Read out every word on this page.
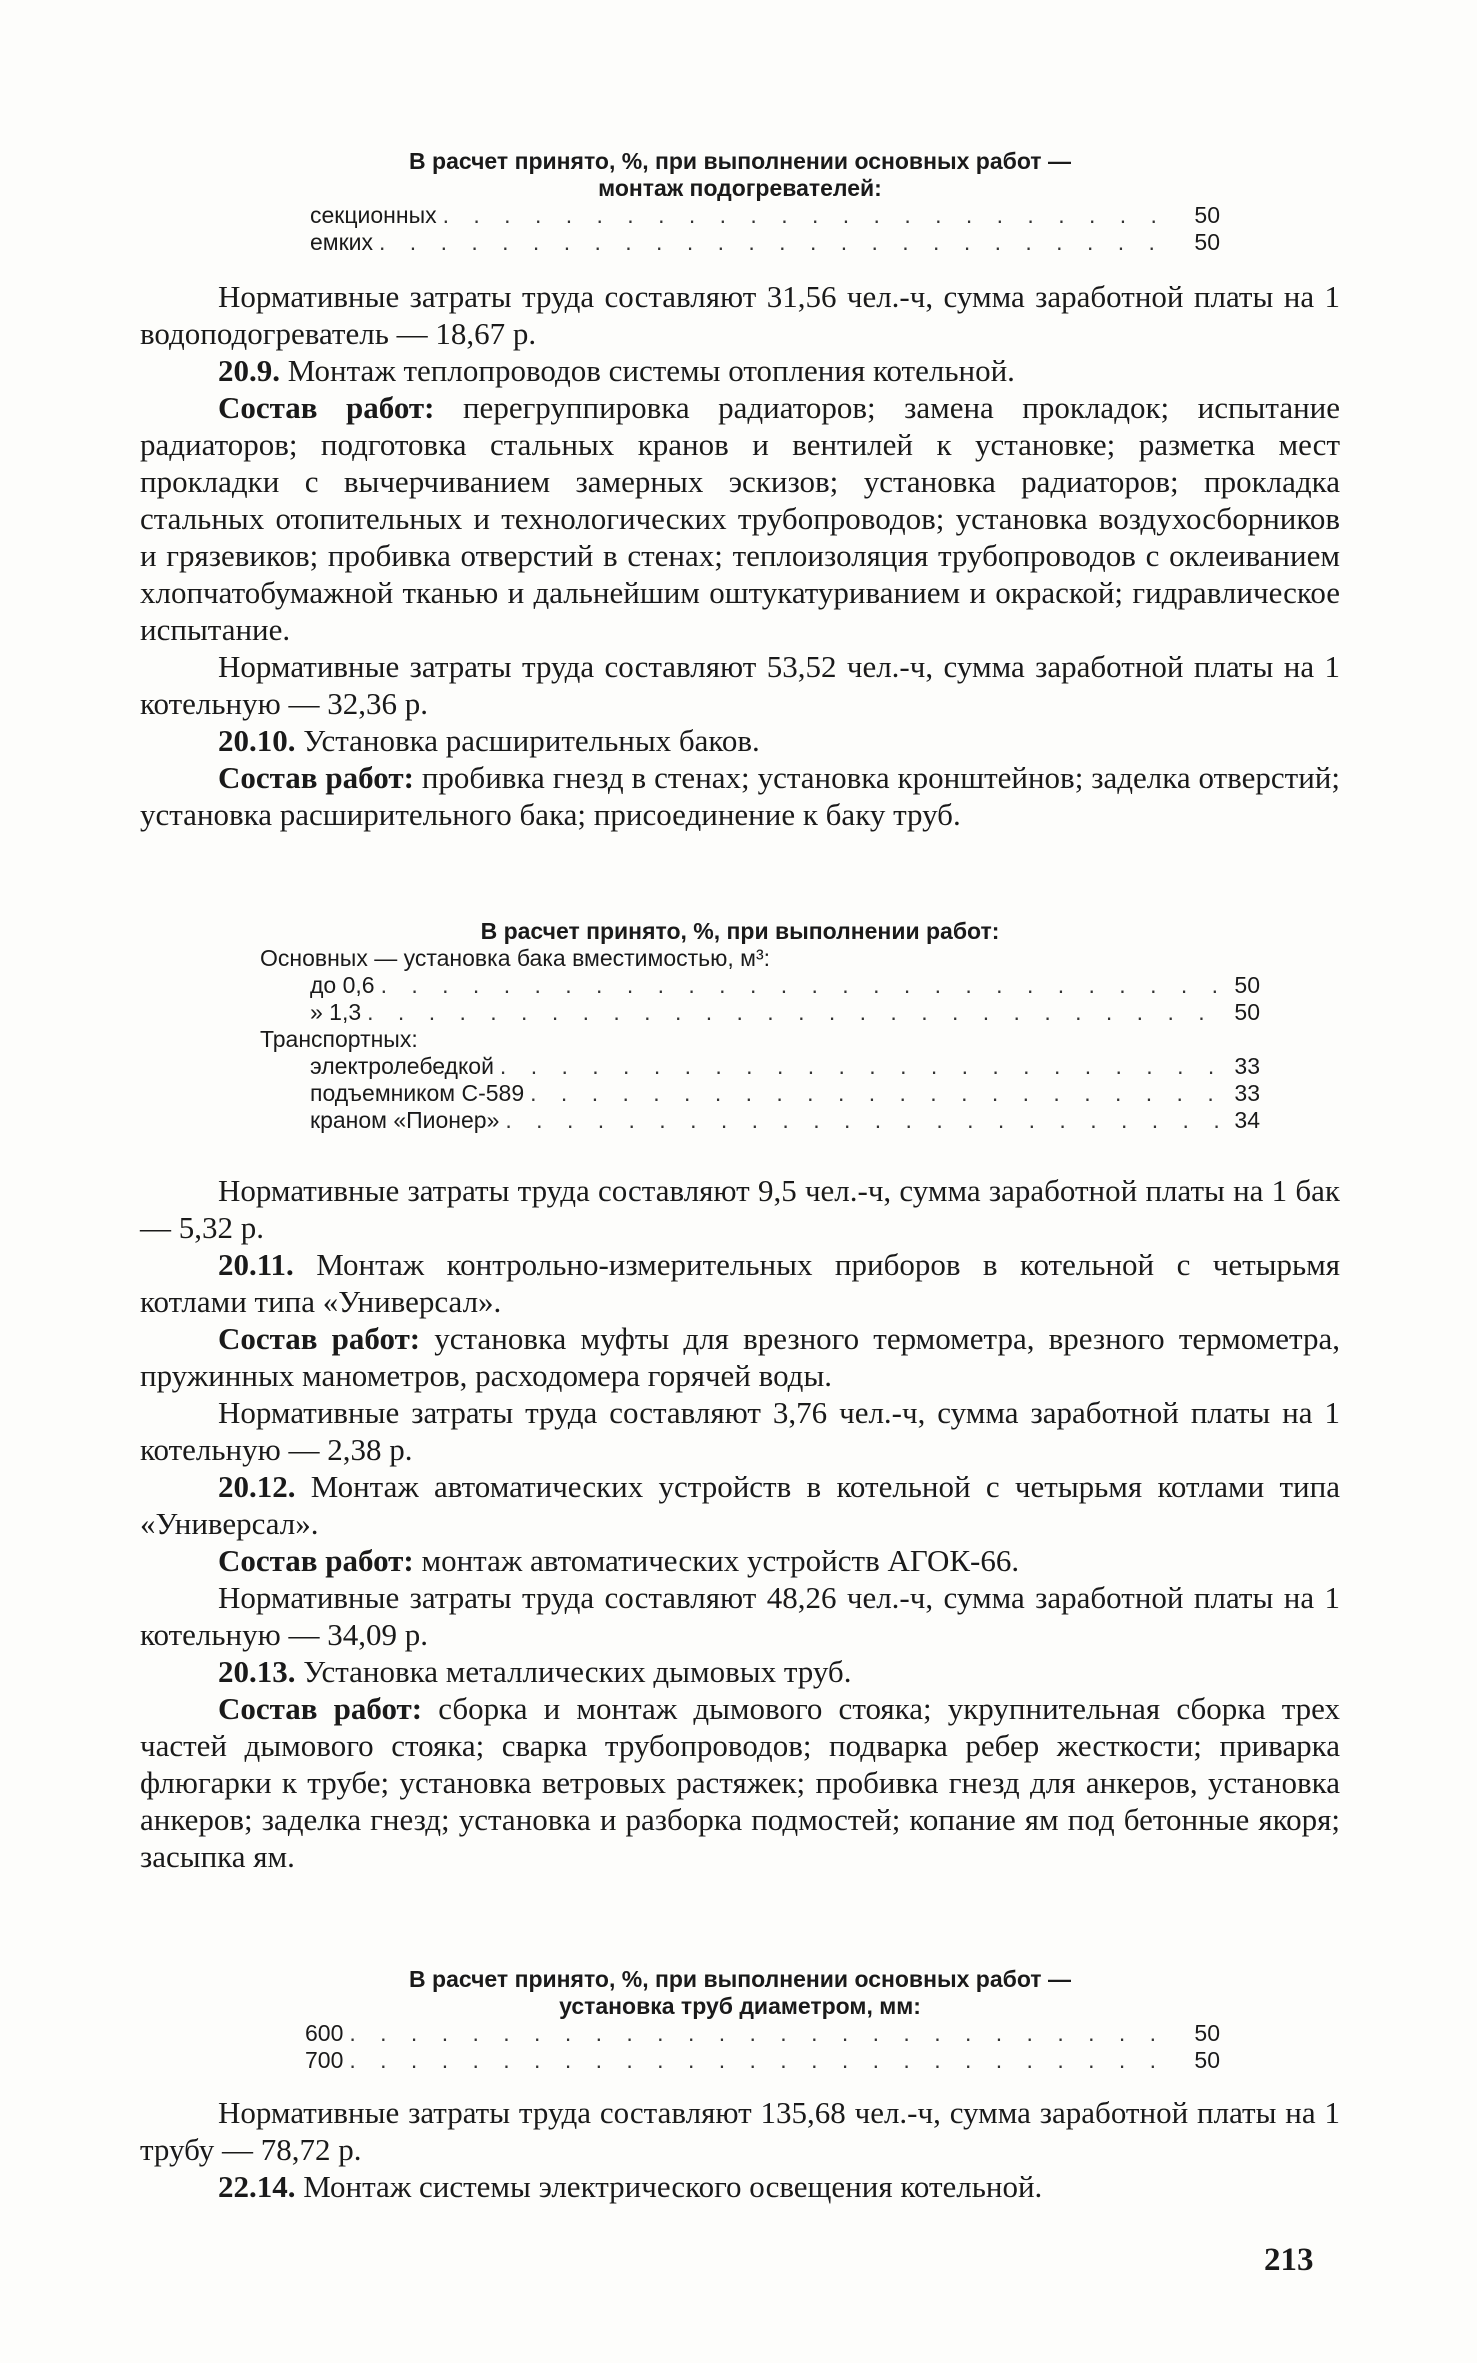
В расчет принято, %, при выполнении основных работ —

монтаж подогревателей:

секционных . . .	50
емких . . .	50

Нормативные затраты труда составляют 31,56 чел.-ч, сумма заработной платы на 1 водоподогреватель — 18,67 р.

20.9. Монтаж теплопроводов системы отопления котельной.

Состав работ: перегруппировка радиаторов; замена прокладок; испытание радиаторов; подготовка стальных кранов и вентилей к установке; разметка мест прокладки с вычерчиванием замерных эскизов; установка радиаторов; прокладка стальных отопительных и технологических трубопроводов; установка воздухосборников и грязевиков; пробивка отверстий в стенах; теплоизоляция трубопроводов с оклеиванием хлопчатобумажной тканью и дальнейшим оштукатуриванием и окраской; гидравлическое испытание.

Нормативные затраты труда составляют 53,52 чел.-ч, сумма заработной платы на 1 котельную — 32,36 р.

20.10. Установка расширительных баков.

Состав работ: пробивка гнезд в стенах; установка кронштейнов; заделка отверстий; установка расширительного бака; присоединение к баку труб.

В расчет принято, %, при выполнении работ:

Основных — установка бака вместимостью, м³:

до 0,6 . . .	50
» 1,3 . . .	50

Транспортных:

электролебедкой . . .	33
подъемником С-589 . . .	33
краном «Пионер» . . .	34

Нормативные затраты труда составляют 9,5 чел.-ч, сумма заработной платы на 1 бак — 5,32 р.

20.11. Монтаж контрольно-измерительных приборов в котельной с четырьмя котлами типа «Универсал».

Состав работ: установка муфты для врезного термометра, врезного термометра, пружинных манометров, расходомера горячей воды.

Нормативные затраты труда составляют 3,76 чел.-ч, сумма заработной платы на 1 котельную — 2,38 р.

20.12. Монтаж автоматических устройств в котельной с четырьмя котлами типа «Универсал».

Состав работ: монтаж автоматических устройств АГОК-66.

Нормативные затраты труда составляют 48,26 чел.-ч, сумма заработной платы на 1 котельную — 34,09 р.

20.13. Установка металлических дымовых труб.

Состав работ: сборка и монтаж дымового стояка; укрупнительная сборка трех частей дымового стояка; сварка трубопроводов; подварка ребер жесткости; приварка флюгарки к трубе; установка ветровых растяжек; пробивка гнезд для анкеров, установка анкеров; заделка гнезд; установка и разборка подмостей; копание ям под бетонные якоря; засыпка ям.

В расчет принято, %, при выполнении основных работ —

установка труб диаметром, мм:

600 . . .	50
700 . . .	50

Нормативные затраты труда составляют 135,68 чел.-ч, сумма заработной платы на 1 трубу — 78,72 р.

22.14. Монтаж системы электрического освещения котельной.

213
